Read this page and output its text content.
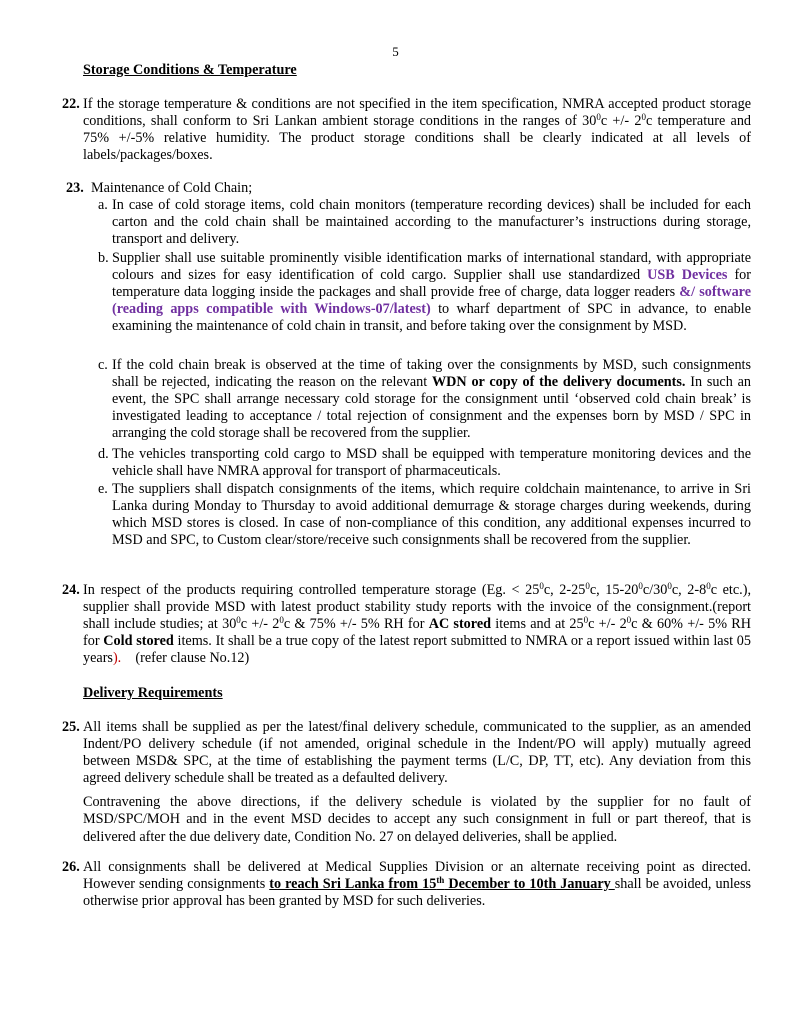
5
Storage Conditions & Temperature
22. If the storage temperature & conditions are not specified in the item specification, NMRA accepted product storage conditions, shall conform to Sri Lankan ambient storage conditions in the ranges of $30^0c$ +/- $2^0c$ temperature and 75% +/-5% relative humidity. The product storage conditions shall be clearly indicated at all levels of labels/packages/boxes.
23. Maintenance of Cold Chain;
a. In case of cold storage items, cold chain monitors (temperature recording devices) shall be included for each carton and the cold chain shall be maintained according to the manufacturer’s instructions during storage, transport and delivery.
b. Supplier shall use suitable prominently visible identification marks of international standard, with appropriate colours and sizes for easy identification of cold cargo. Supplier shall use standardized USB Devices for temperature data logging inside the packages and shall provide free of charge, data logger readers &/ software (reading apps compatible with Windows-07/latest) to wharf department of SPC in advance, to enable examining the maintenance of cold chain in transit, and before taking over the consignment by MSD.
c. If the cold chain break is observed at the time of taking over the consignments by MSD, such consignments shall be rejected, indicating the reason on the relevant WDN or copy of the delivery documents. In such an event, the SPC shall arrange necessary cold storage for the consignment until ‘observed cold chain break’ is investigated leading to acceptance / total rejection of consignment and the expenses born by MSD / SPC in arranging the cold storage shall be recovered from the supplier.
d. The vehicles transporting cold cargo to MSD shall be equipped with temperature monitoring devices and the vehicle shall have NMRA approval for transport of pharmaceuticals.
e. The suppliers shall dispatch consignments of the items, which require coldchain maintenance, to arrive in Sri Lanka during Monday to Thursday to avoid additional demurrage & storage charges during weekends, during which MSD stores is closed. In case of non-compliance of this condition, any additional expenses incurred to MSD and SPC, to Custom clear/store/receive such consignments shall be recovered from the supplier.
24. In respect of the products requiring controlled temperature storage (Eg. < $25^0c$, $2-25^0c$, $15-20^0c/30^0c$, $2-8^0c$ etc.), supplier shall provide MSD with latest product stability study reports with the invoice of the consignment.(report shall include studies; at $30^0c$ +/- $2^0c$ & 75% +/- 5% RH for AC stored items and at $25^0c$ +/- $2^0c$ & 60% +/- 5% RH for Cold stored items. It shall be a true copy of the latest report submitted to NMRA or a report issued within last 05 years).    (refer clause No.12)
Delivery Requirements
25. All items shall be supplied as per the latest/final delivery schedule, communicated to the supplier, as an amended Indent/PO delivery schedule (if not amended, original schedule in the Indent/PO will apply) mutually agreed between MSD& SPC, at the time of establishing the payment terms (L/C, DP, TT, etc). Any deviation from this agreed delivery schedule shall be treated as a defaulted delivery.

Contravening the above directions, if the delivery schedule is violated by the supplier for no fault of MSD/SPC/MOH and in the event MSD decides to accept any such consignment in full or part thereof, that is delivered after the due delivery date, Condition No. 27 on delayed deliveries, shall be applied.

26. All consignments shall be delivered at Medical Supplies Division or an alternate receiving point as directed. However sending consignments to reach Sri Lanka from 15th December to 10th January shall be avoided, unless otherwise prior approval has been granted by MSD for such deliveries.
